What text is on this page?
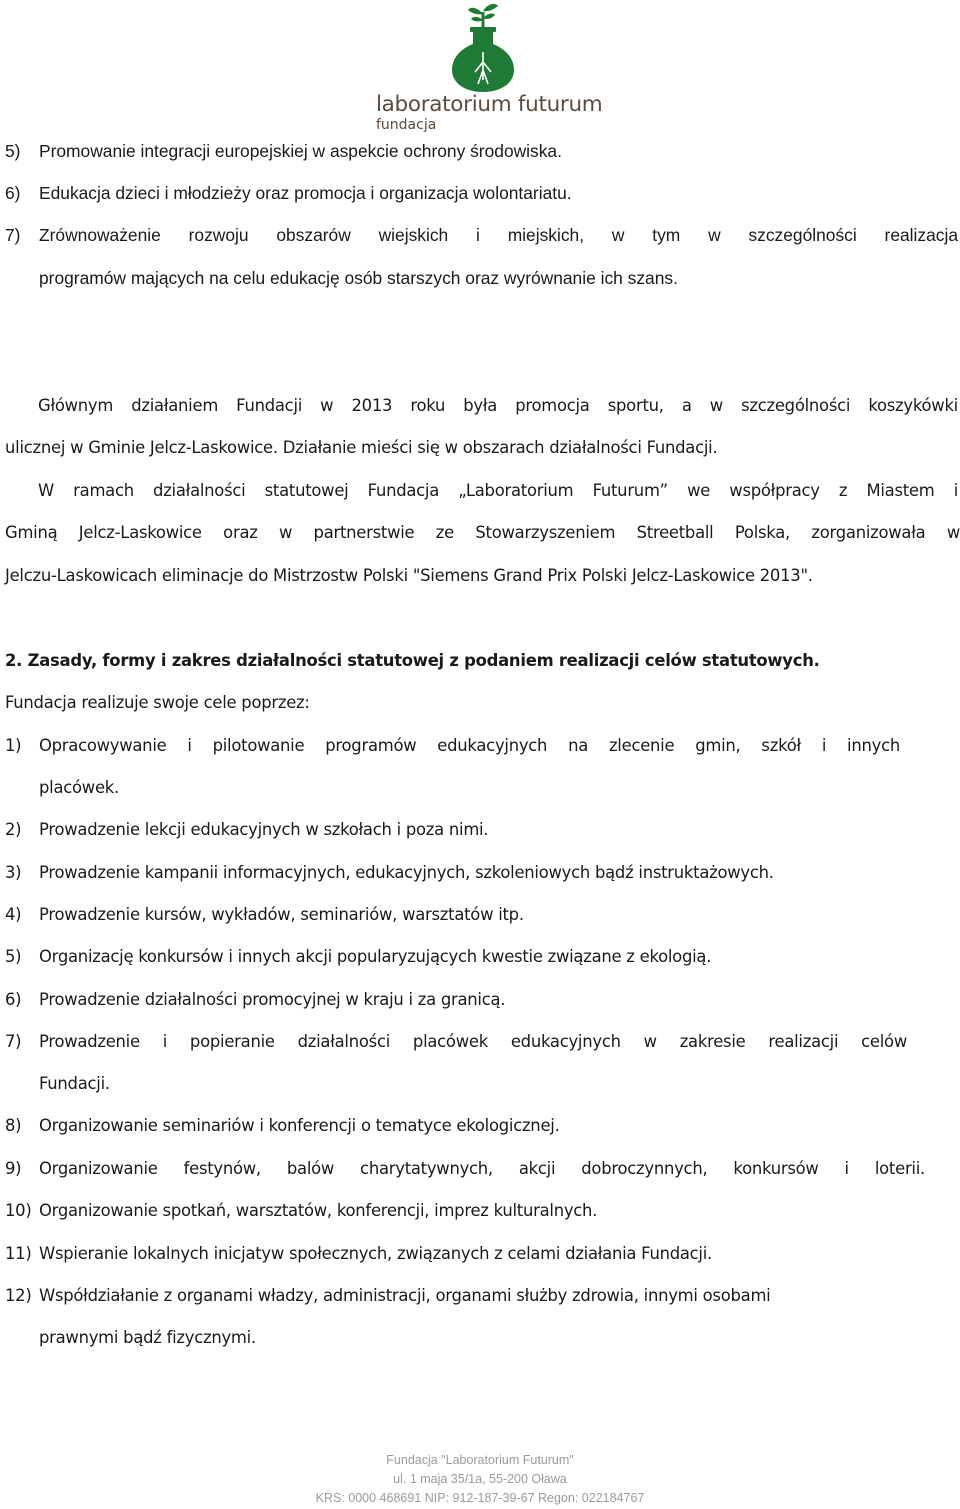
laboratorium futurum
fundacja

5) Promowanie integracji europejskiej w aspekcie ochrony środowiska.

6) Edukacja dzieci i młodzieży oraz promocja i organizacja wolontariatu.

7)	Zrównoważenie rozwoju obszarów wiejskich i miejskich, w tym w szczególności realizacja

programów mających na celu edukację osób starszych oraz wyrównanie ich szans.

Głównym działaniem Fundacji w 2013 roku była promocja sportu, a w szczególności koszykówki

ulicznej w Gminie Jelcz-Laskowice. Działanie mieści się w obszarach działalności Fundacji.

W ramach działalności statutowej Fundacja „Laboratorium Futurum” we współpracy z Miastem i

Gminą Jelcz-Laskowice oraz w partnerstwie ze Stowarzyszeniem Streetball Polska, zorganizowała w

Jelczu-Laskowicach eliminacje do Mistrzostw Polski "Siemens Grand Prix Polski Jelcz-Laskowice 2013".

2. Zasady, formy i zakres działalności statutowej z podaniem realizacji celów statutowych.

Fundacja realizuje swoje cele poprzez:

1)	Opracowywanie i pilotowanie programów edukacyjnych na zlecenie gmin, szkół i innych

placówek.

2) Prowadzenie lekcji edukacyjnych w szkołach i poza nimi.

3) Prowadzenie kampanii informacyjnych, edukacyjnych, szkoleniowych bądź instruktażowych.

4) Prowadzenie kursów, wykładów, seminariów, warsztatów itp.

5) Organizację konkursów i innych akcji popularyzujących kwestie związane z ekologią.

6) Prowadzenie działalności promocyjnej w kraju i za granicą.

7)	Prowadzenie i popieranie działalności placówek edukacyjnych w zakresie realizacji celów

Fundacji.

8) Organizowanie seminariów i konferencji o tematyce ekologicznej.

9)	Organizowanie festynów, balów charytatywnych, akcji dobroczynnych, konkursów i loterii.

10) Organizowanie spotkań, warsztatów, konferencji, imprez kulturalnych.

11) Wspieranie lokalnych inicjatyw społecznych, związanych z celami działania Fundacji.

12) Współdziałanie z organami władzy, administracji, organami służby zdrowia, innymi osobami

prawnymi bądź fizycznymi.

Fundacja "Laboratorium Futurum"

ul. 1 maja 35/1a, 55-200 Oława

KRS: 0000 468691 NIP: 912-187-39-67 Regon: 022184767
